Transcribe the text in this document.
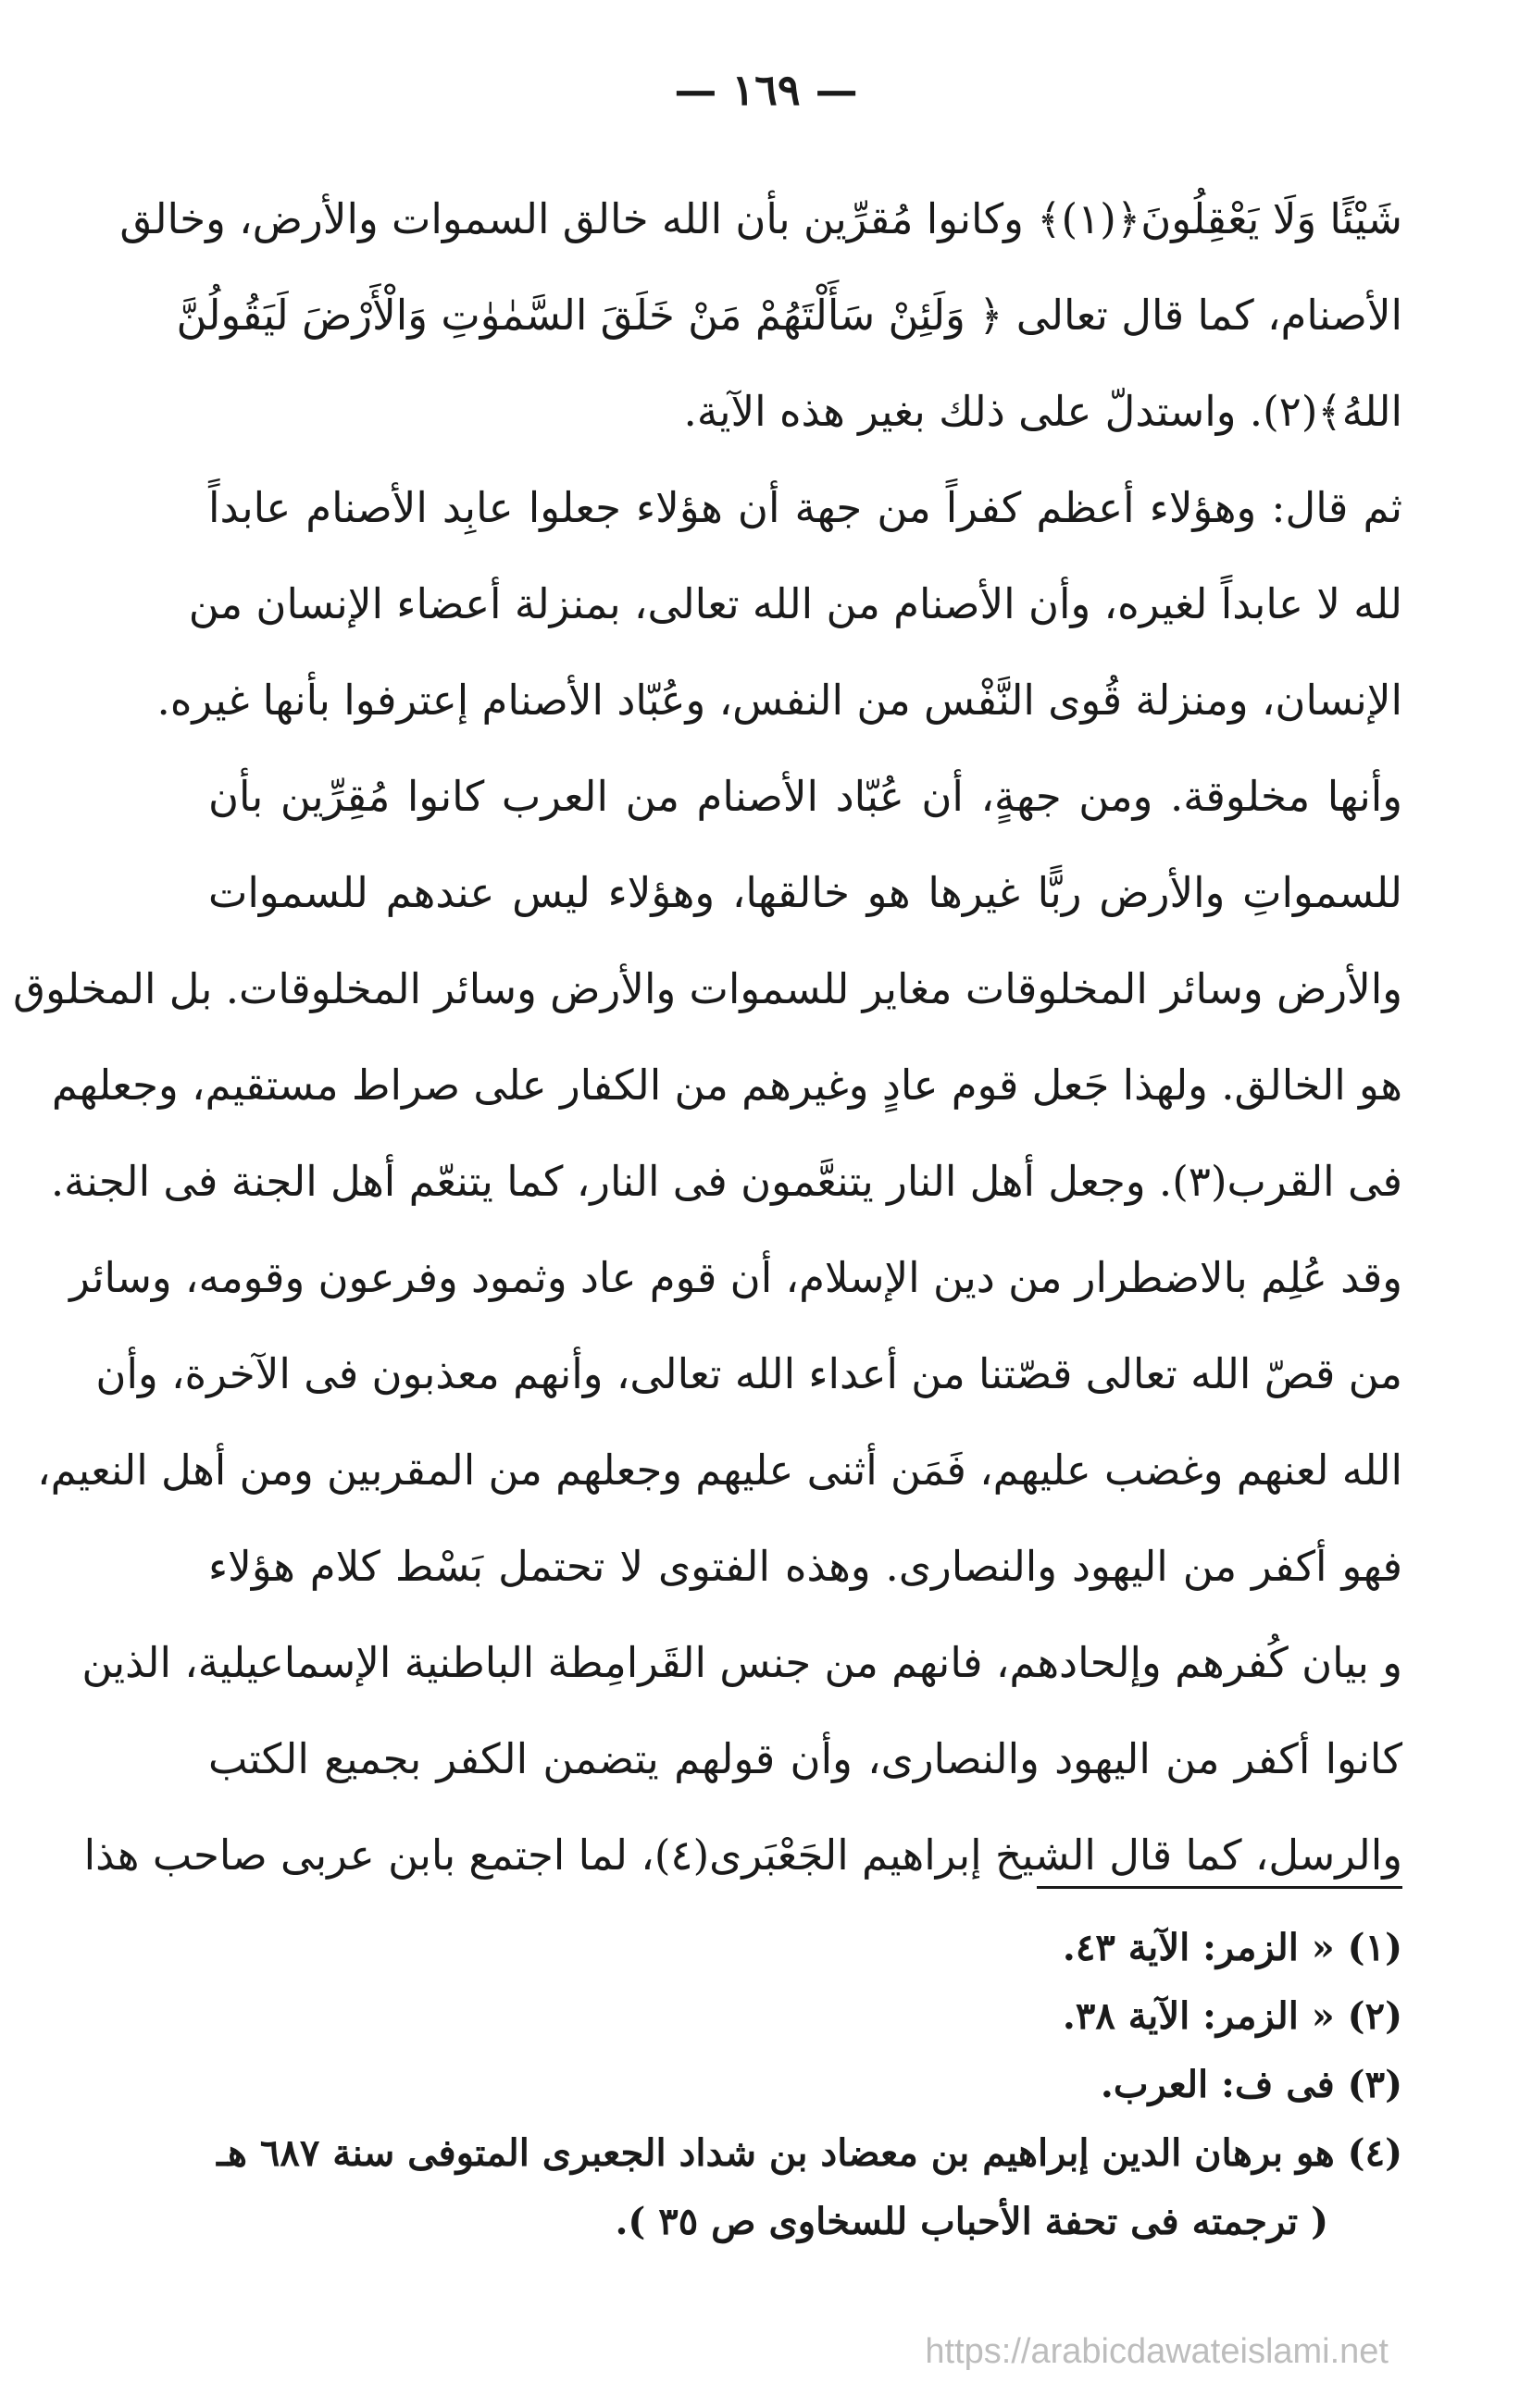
— ١٦٩ —
شَيْئًا وَلَا يَعْقِلُونَ﴿(١)﴾ وكانوا مُقرِّين بأن الله خالق السموات والأرض، وخالق
الأصنام، كما قال تعالى ﴿ وَلَئِنْ سَأَلْتَهُمْ مَنْ خَلَقَ السَّمٰوٰتِ وَالْأَرْضَ لَيَقُولُنَّ
اللهُ﴾(٢). واستدلّ على ذلك بغير هذه الآية.
ثم قال: وهؤلاء أعظم كفراً من جهة أن هؤلاء جعلوا عابِد الأصنام عابداً
لله لا عابداً لغيره، وأن الأصنام من الله تعالى، بمنزلة أعضاء الإنسان من
الإنسان، ومنزلة قُوى النَّفْس من النفس، وعُبّاد الأصنام إعترفوا بأنها غيره.
وأنها مخلوقة. ومن جهةٍ، أن عُبّاد الأصنام من العرب كانوا مُقِرِّين بأن
للسمواتِ والأرض ربًّا غيرها هو خالقها، وهؤلاء ليس عندهم للسموات
والأرض وسائر المخلوقات مغاير للسموات والأرض وسائر المخلوقات. بل المخلوق
هو الخالق. ولهذا جَعل قوم عادٍ وغيرهم من الكفار على صراط مستقيم، وجعلهم
فى القرب(٣). وجعل أهل النار يتنعَّمون فى النار، كما يتنعّم أهل الجنة فى الجنة.
وقد عُلِم بالاضطرار من دين الإسلام، أن قوم عاد وثمود وفرعون وقومه، وسائر
من قصّ الله تعالى قصّتنا من أعداء الله تعالى، وأنهم معذبون فى الآخرة، وأن
الله لعنهم وغضب عليهم، فَمَن أثنى عليهم وجعلهم من المقربين ومن أهل النعيم،
فهو أكفر من اليهود والنصارى. وهذه الفتوى لا تحتمل بَسْط كلام هؤلاء
و بيان كُفرهم وإلحادهم، فانهم من جنس القَرامِطة الباطنية الإسماعيلية، الذين
كانوا أكفر من اليهود والنصارى، وأن قولهم يتضمن الكفر بجميع الكتب
والرسل، كما قال الشيخ إبراهيم الجَعْبَرى(٤)، لما اجتمع بابن عربى صاحب هذا
(١) « الزمر: الآية ٤٣.
(٢) « الزمر: الآية ٣٨.
(٣) فى ف: العرب.
(٤) هو برهان الدين إبراهيم بن معضاد بن شداد الجعبرى المتوفى سنة ٦٨٧ هـ
( ترجمته فى تحفة الأحباب للسخاوى ص ٣٥ ).
https://arabicdawateislami.net
